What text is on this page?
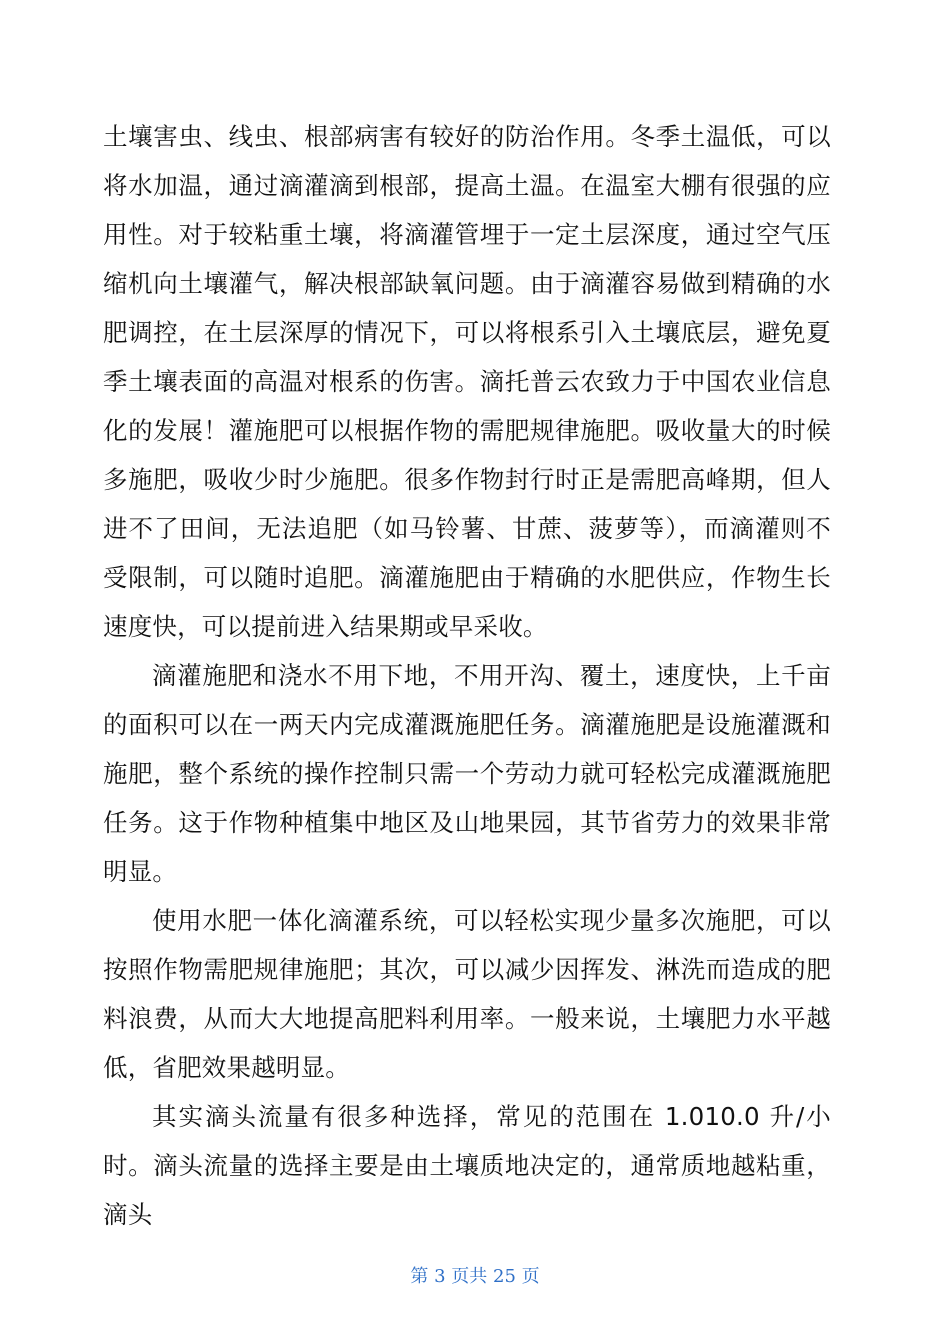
土壤害虫、线虫、根部病害有较好的防治作用。冬季土温低，可以将水加温，通过滴灌滴到根部，提高土温。在温室大棚有很强的应用性。对于较粘重土壤，将滴灌管埋于一定土层深度，通过空气压缩机向土壤灌气，解决根部缺氧问题。由于滴灌容易做到精确的水肥调控，在土层深厚的情况下，可以将根系引入土壤底层，避免夏季土壤表面的高温对根系的伤害。滴托普云农致力于中国农业信息化的发展！灌施肥可以根据作物的需肥规律施肥。吸收量大的时候多施肥，吸收少时少施肥。很多作物封行时正是需肥高峰期，但人进不了田间，无法追肥（如马铃薯、甘蔗、菠萝等），而滴灌则不受限制，可以随时追肥。滴灌施肥由于精确的水肥供应，作物生长速度快，可以提前进入结果期或早采收。

滴灌施肥和浇水不用下地，不用开沟、覆土，速度快，上千亩的面积可以在一两天内完成灌溉施肥任务。滴灌施肥是设施灌溉和施肥，整个系统的操作控制只需一个劳动力就可轻松完成灌溉施肥任务。这于作物种植集中地区及山地果园，其节省劳力的效果非常明显。

使用水肥一体化滴灌系统，可以轻松实现少量多次施肥，可以按照作物需肥规律施肥；其次，可以减少因挥发、淋洗而造成的肥料浪费，从而大大地提高肥料利用率。一般来说，土壤肥力水平越低，省肥效果越明显。

其实滴头流量有很多种选择，常见的范围在 1.010.0 升/小时。滴头流量的选择主要是由土壤质地决定的，通常质地越粘重，滴头

第 3 页共 25 页
